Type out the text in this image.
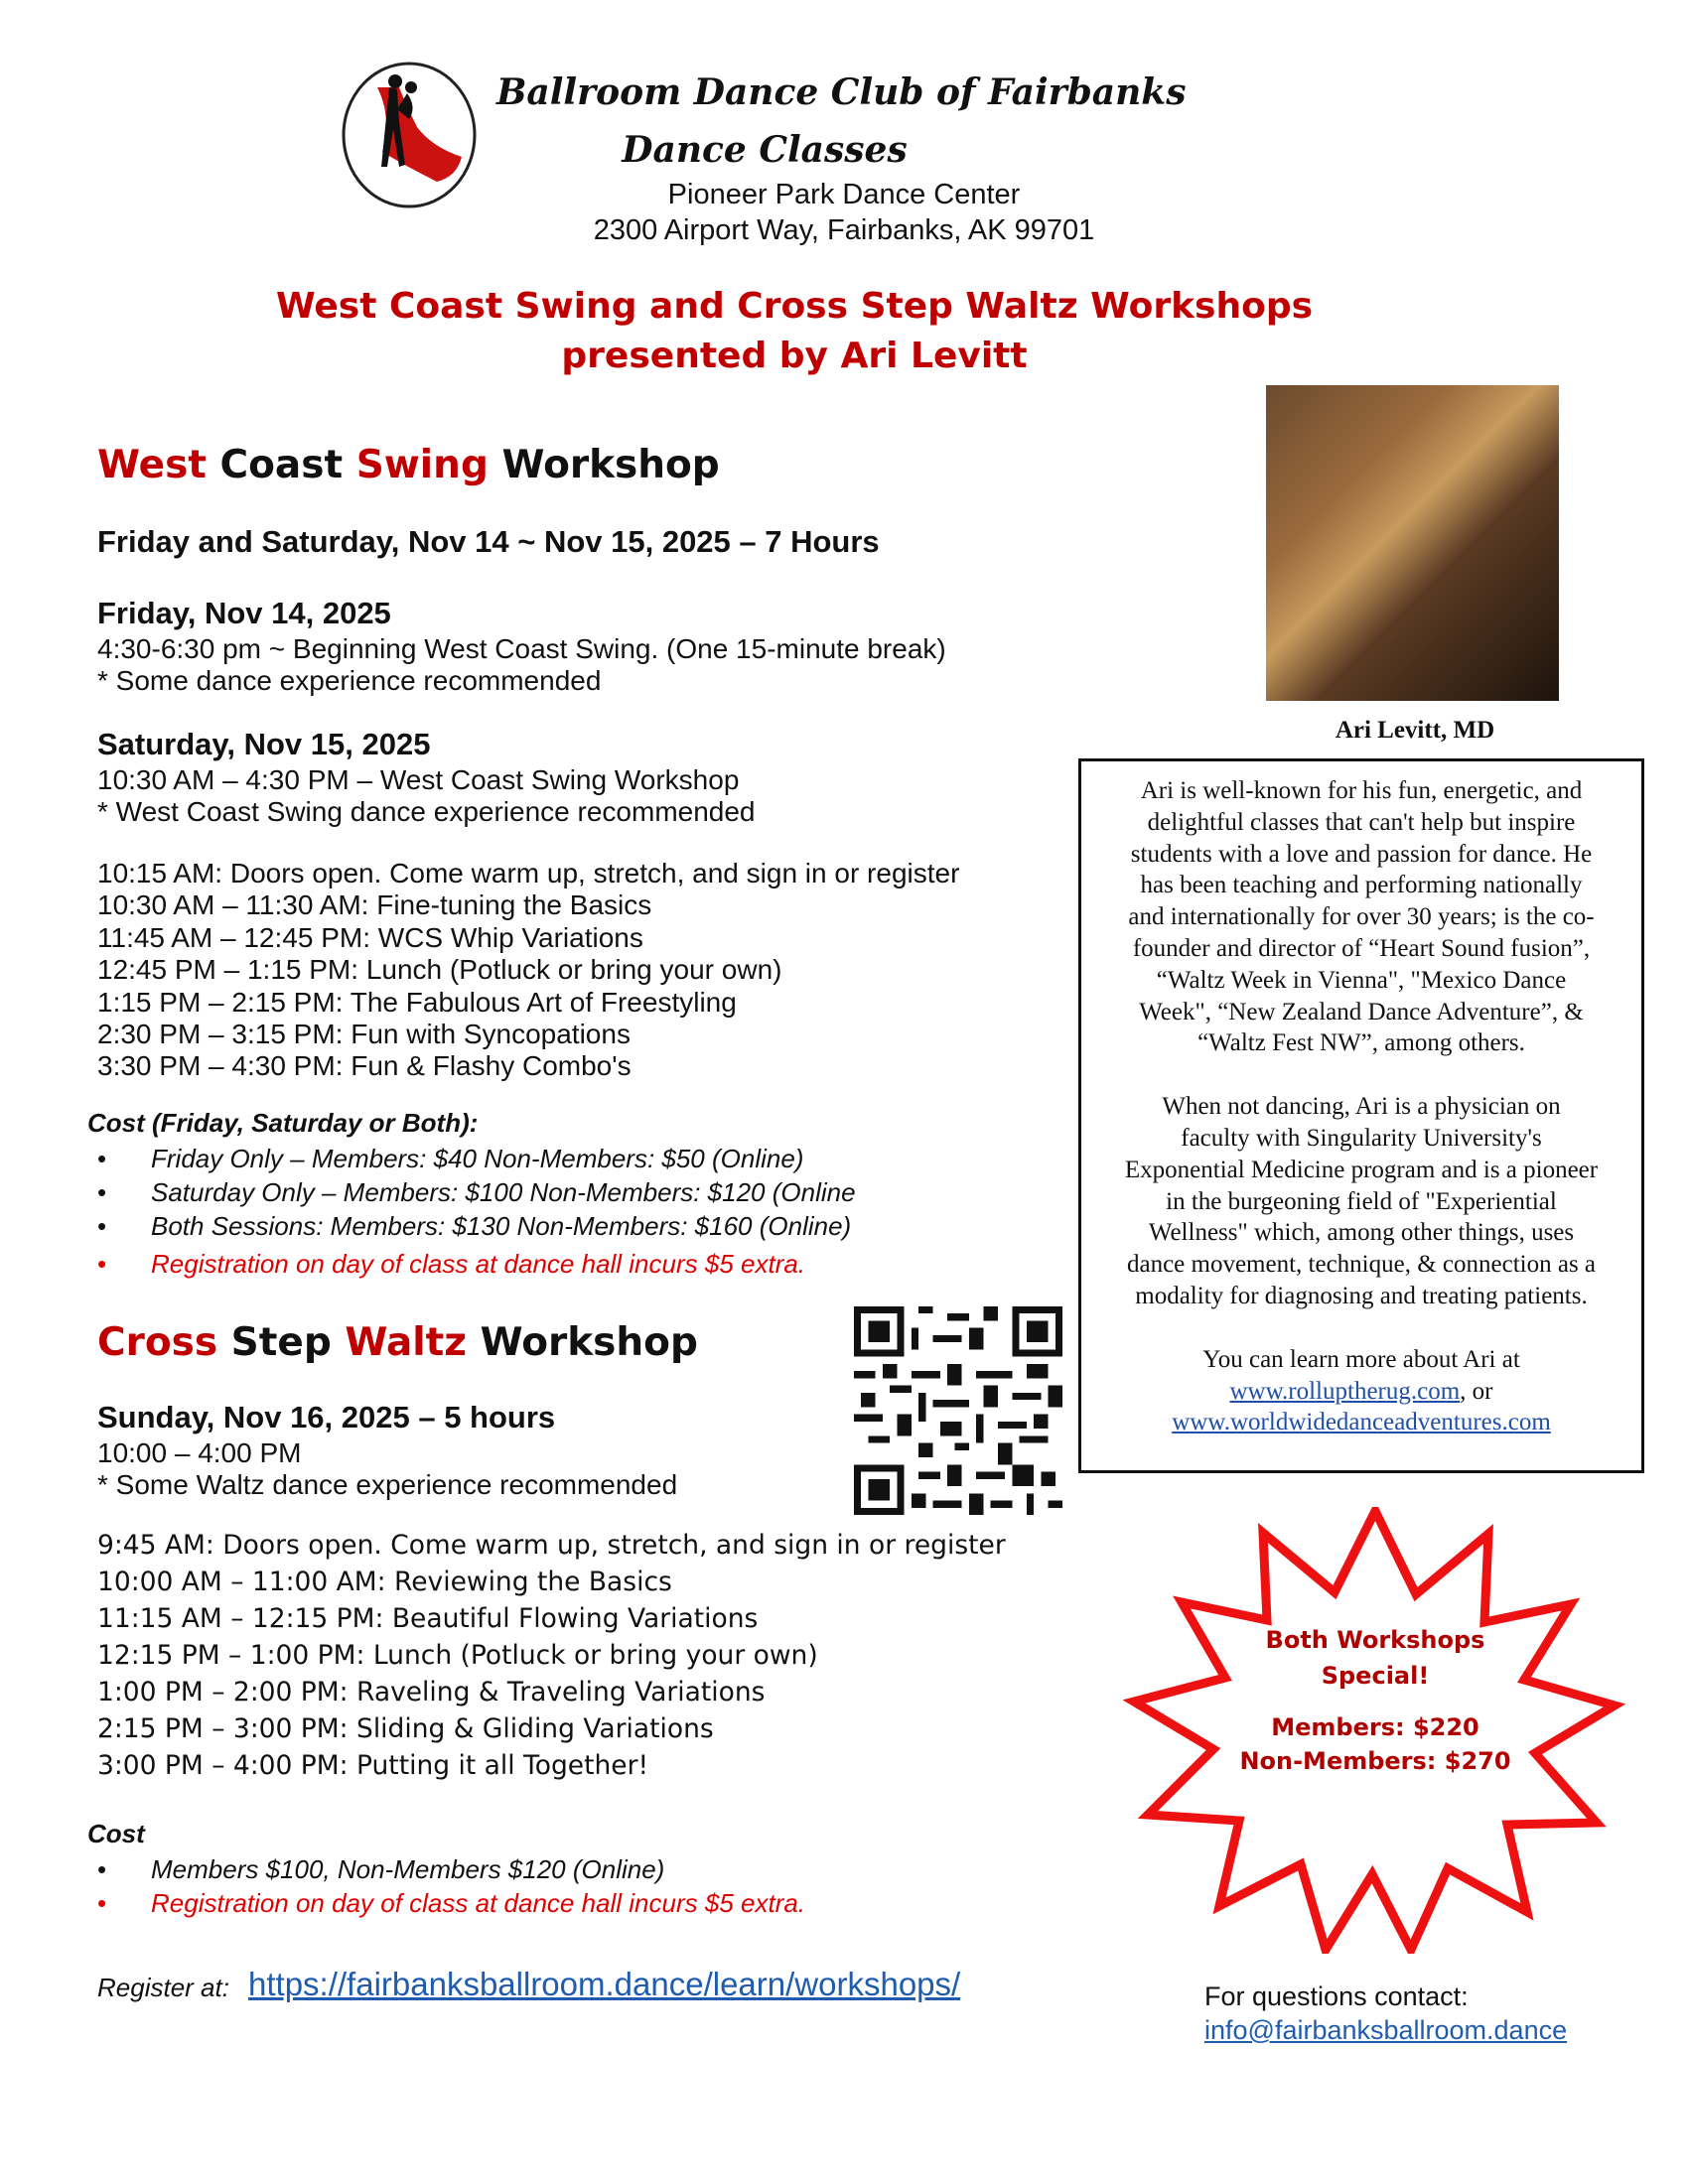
Ballroom Dance Club of Fairbanks
Dance Classes
Pioneer Park Dance Center
2300 Airport Way, Fairbanks, AK 99701
West Coast Swing and Cross Step Waltz Workshops
presented by Ari Levitt
West Coast Swing Workshop
Friday and Saturday, Nov 14 ~ Nov 15, 2025 – 7 Hours
Friday, Nov 14, 2025
4:30-6:30 pm ~ Beginning West Coast Swing. (One 15-minute break)
* Some dance experience recommended
Saturday, Nov 15, 2025
10:30 AM – 4:30 PM – West Coast Swing Workshop
* West Coast Swing dance experience recommended
10:15 AM: Doors open. Come warm up, stretch, and sign in or register
10:30 AM – 11:30 AM: Fine-tuning the Basics
11:45 AM – 12:45 PM: WCS Whip Variations
12:45 PM – 1:15 PM: Lunch (Potluck or bring your own)
1:15 PM – 2:15 PM: The Fabulous Art of Freestyling
2:30 PM – 3:15 PM: Fun with Syncopations
3:30 PM – 4:30 PM: Fun & Flashy Combo's
Cost (Friday, Saturday or Both):
• Friday Only – Members: $40 Non-Members: $50 (Online)
• Saturday Only – Members: $100 Non-Members: $120 (Online
• Both Sessions: Members: $130 Non-Members: $160 (Online)
• Registration on day of class at dance hall incurs $5 extra.
Cross Step Waltz Workshop
Sunday, Nov 16, 2025 – 5 hours
10:00 – 4:00 PM
* Some Waltz dance experience recommended
9:45 AM: Doors open. Come warm up, stretch, and sign in or register
10:00 AM – 11:00 AM: Reviewing the Basics
11:15 AM – 12:15 PM: Beautiful Flowing Variations
12:15 PM – 1:00 PM: Lunch (Potluck or bring your own)
1:00 PM – 2:00 PM: Raveling & Traveling Variations
2:15 PM – 3:00 PM: Sliding & Gliding Variations
3:00 PM – 4:00 PM: Putting it all Together!
Cost
• Members $100, Non-Members $120 (Online)
• Registration on day of class at dance hall incurs $5 extra.
Ari Levitt, MD
Ari is well-known for his fun, energetic, and
delightful classes that can't help but inspire
students with a love and passion for dance. He
has been teaching and performing nationally
and internationally for over 30 years; is the co-
founder and director of “Heart Sound fusion”,
“Waltz Week in Vienna", "Mexico Dance
Week", “New Zealand Dance Adventure”, &
“Waltz Fest NW”, among others.
When not dancing, Ari is a physician on
faculty with Singularity University's
Exponential Medicine program and is a pioneer
in the burgeoning field of "Experiential
Wellness" which, among other things, uses
dance movement, technique, & connection as a
modality for diagnosing and treating patients.
You can learn more about Ari at
www.rolluptherug.com, or
www.worldwidedanceadventures.com
Both Workshops
Special!
Members: $220
Non-Members: $270
Register at: https://fairbanksballroom.dance/learn/workshops/	For questions contact:
info@fairbanksballroom.dance
